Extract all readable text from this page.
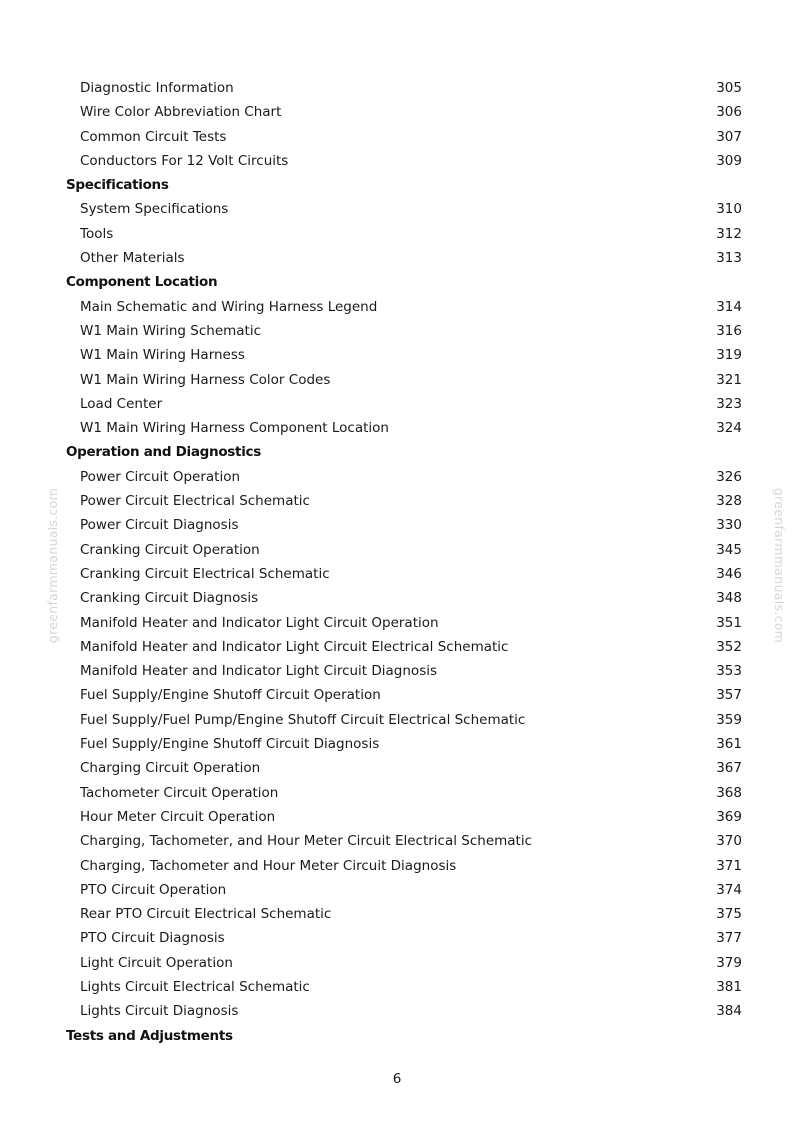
Diagnostic Information	305
Wire Color Abbreviation Chart	306
Common Circuit Tests	307
Conductors For 12 Volt Circuits	309
Specifications
System Specifications	310
Tools	312
Other Materials	313
Component Location
Main Schematic and Wiring Harness Legend	314
W1 Main Wiring Schematic	316
W1 Main Wiring Harness	319
W1 Main Wiring Harness Color Codes	321
Load Center	323
W1 Main Wiring Harness Component Location	324
Operation and Diagnostics
Power Circuit Operation	326
Power Circuit Electrical Schematic	328
Power Circuit Diagnosis	330
Cranking Circuit Operation	345
Cranking Circuit Electrical Schematic	346
Cranking Circuit Diagnosis	348
Manifold Heater and Indicator Light Circuit Operation	351
Manifold Heater and Indicator Light Circuit Electrical Schematic	352
Manifold Heater and Indicator Light Circuit Diagnosis	353
Fuel Supply/Engine Shutoff Circuit Operation	357
Fuel Supply/Fuel Pump/Engine Shutoff Circuit Electrical Schematic	359
Fuel Supply/Engine Shutoff Circuit Diagnosis	361
Charging Circuit Operation	367
Tachometer Circuit Operation	368
Hour Meter Circuit Operation	369
Charging, Tachometer, and Hour Meter Circuit Electrical Schematic	370
Charging, Tachometer and Hour Meter Circuit Diagnosis	371
PTO Circuit Operation	374
Rear PTO Circuit Electrical Schematic	375
PTO Circuit Diagnosis	377
Light Circuit Operation	379
Lights Circuit Electrical Schematic	381
Lights Circuit Diagnosis	384
Tests and Adjustments
greenfarmmanuals.com	greenfarmmanuals.com
6
